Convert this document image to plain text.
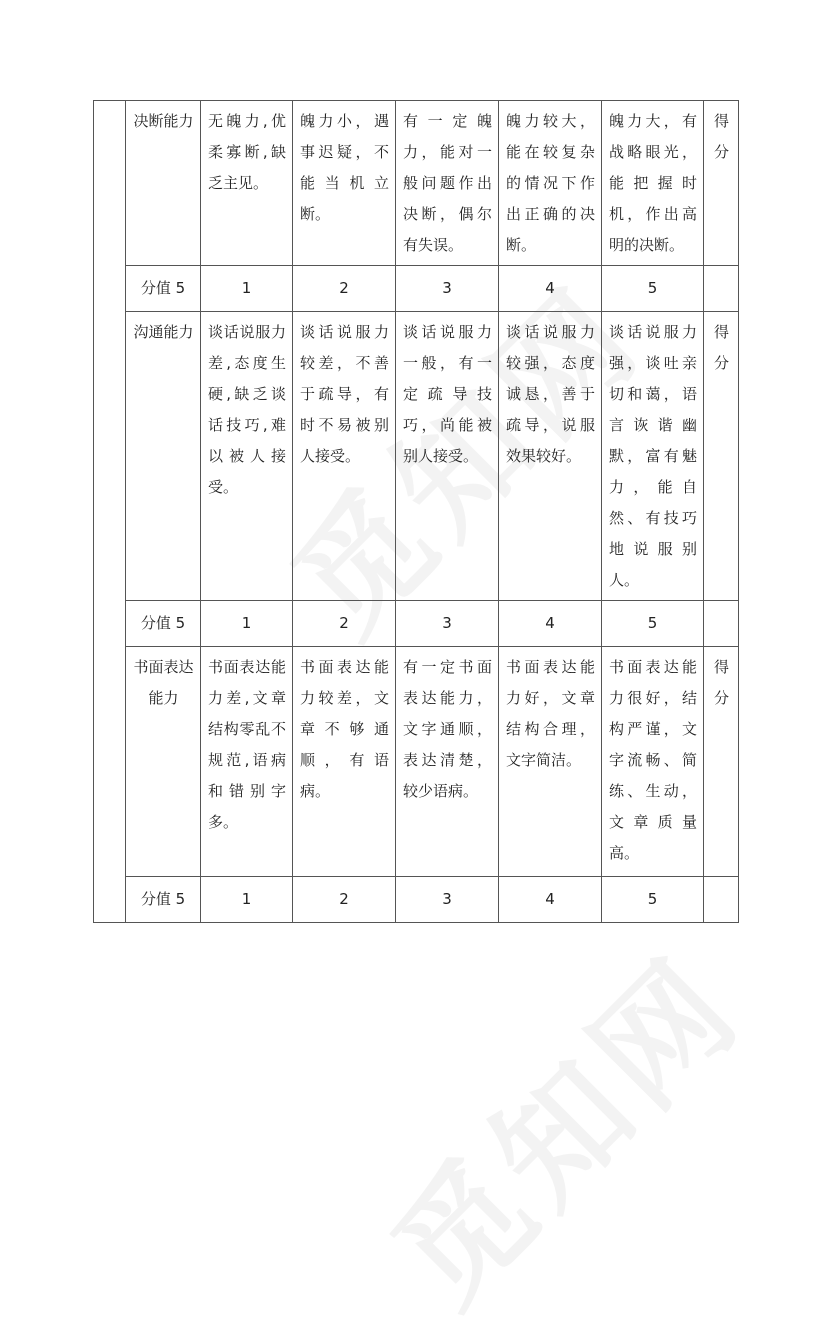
	决断能力	无魄力,优柔寡断,缺乏主见。	魄力小，遇事迟疑，不能当机立断。	有一定魄力，能对一般问题作出决断，偶尔有失误。	魄力较大，能在较复杂的情况下作出正确的决断。	魄力大，有战略眼光，能把握时机，作出高明的决断。	得分
	分值 5	1	2	3	4	5	
	沟通能力	谈话说服力差,态度生硬,缺乏谈话技巧,难以被人接受。	谈话说服力较差，不善于疏导，有时不易被别人接受。	谈话说服力一般，有一定疏导技巧，尚能被别人接受。	谈话说服力较强，态度诚恳，善于疏导，说服效果较好。	谈话说服力强，谈吐亲切和蔼，语言诙谐幽默，富有魅力，能自然、有技巧地说服别人。	得分
	分值 5	1	2	3	4	5	
	书面表达能力	书面表达能力差,文章结构零乱不规范,语病和错别字多。	书面表达能力较差，文章不够通顺，有语病。	有一定书面表达能力，文字通顺，表达清楚，较少语病。	书面表达能力好，文章结构合理，文字简洁。	书面表达能力很好，结构严谨，文字流畅、简练、生动，文章质量高。	得分
	分值 5	1	2	3	4	5	
